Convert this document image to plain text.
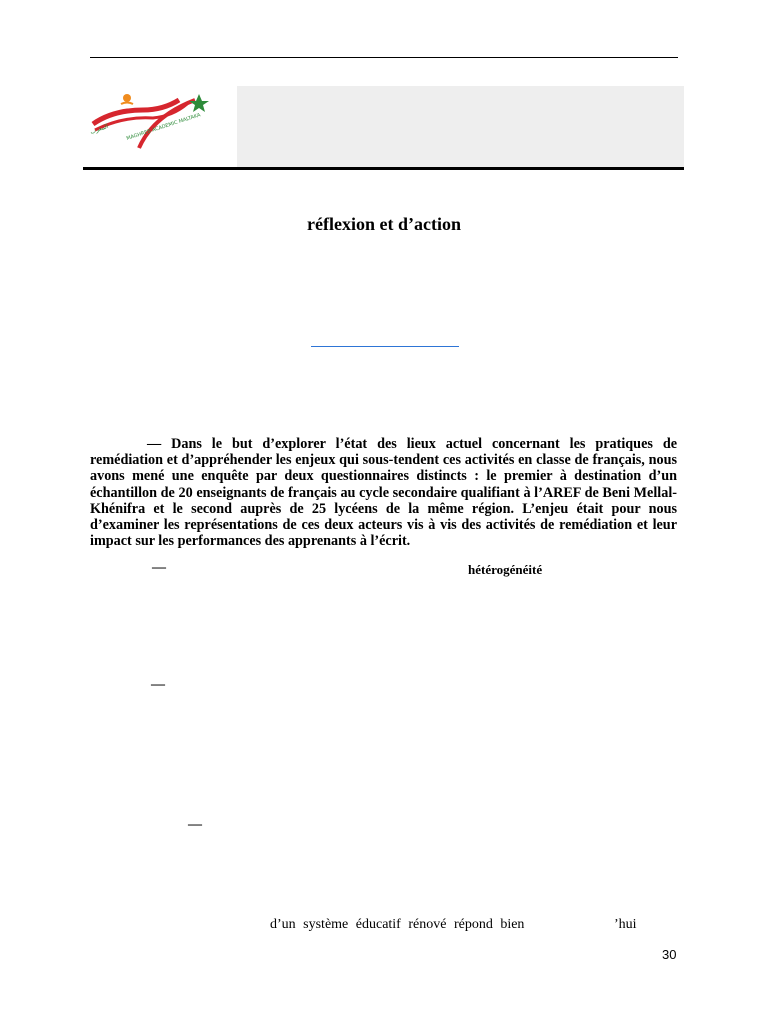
المغرب	MAGHREB ACADEMIC MALTAKA
réflexion et d’action
— Dans le but d’explorer l’état des lieux actuel concernant les pratiques de remédiation et d’appréhender les enjeux qui sous-tendent ces activités en classe de français, nous avons mené une enquête par deux questionnaires distincts : le premier à destination d’un échantillon de 20 enseignants de français au cycle secondaire qualifiant à l’AREF de Beni Mellal-Khénifra et le second auprès de 25 lycéens de la même région. L’enjeu était pour nous d’examiner les représentations de ces deux acteurs vis à vis des activités de remédiation et leur impact sur les performances des apprenants à l’écrit.
—	hétérogénéité
—
—
d’un système éducatif rénové répond bien	’hui
30
